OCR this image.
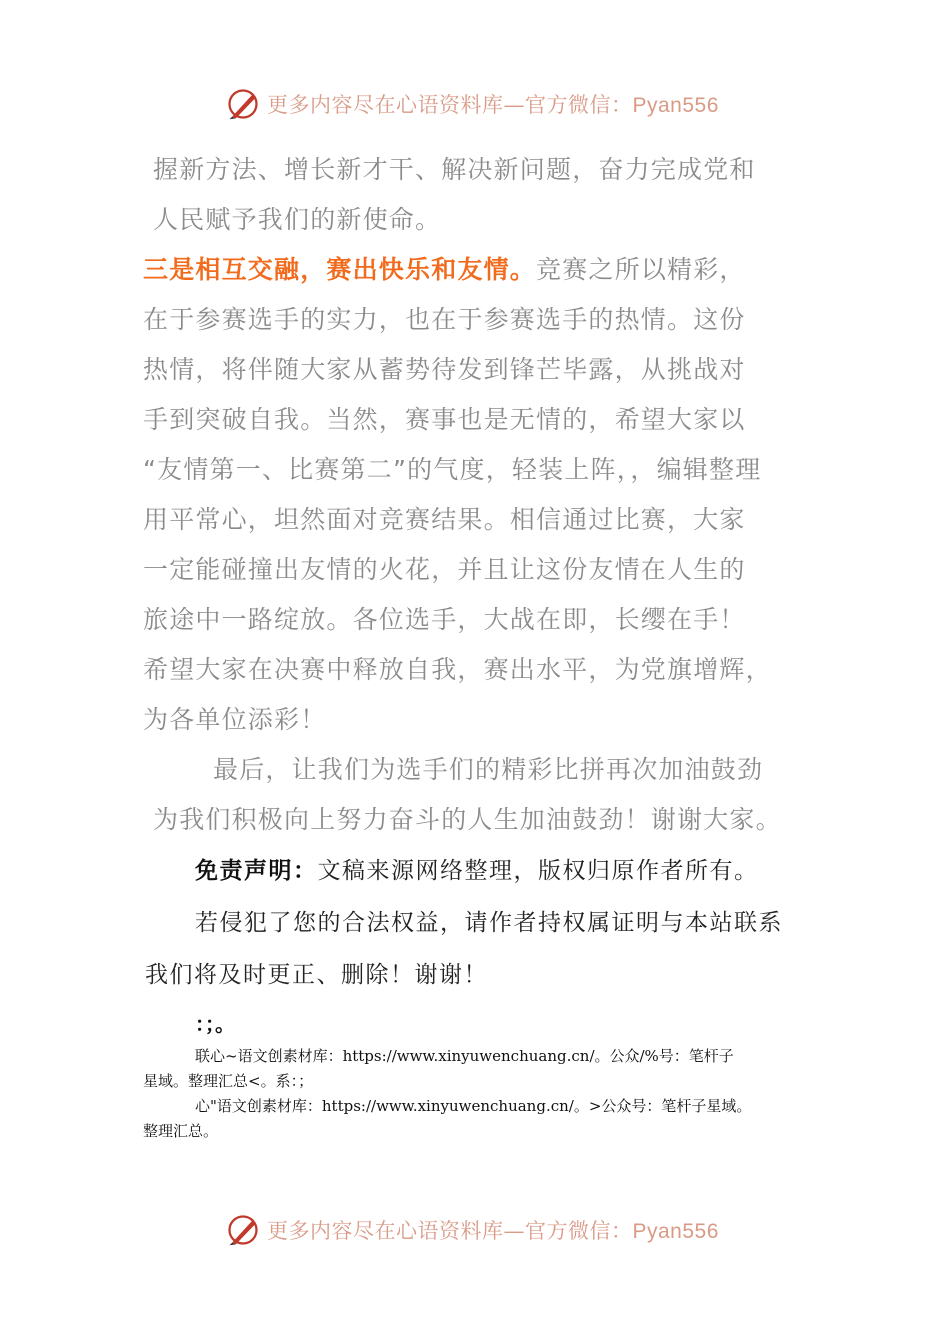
更多内容尽在心语资料库—官方微信：Pyan556
握新方法、增长新才干、解决新问题，奋力完成党和
人民赋予我们的新使命。
三是相互交融，赛出快乐和友情。竞赛之所以精彩，
在于参赛选手的实力，也在于参赛选手的热情。这份
热情，将伴随大家从蓄势待发到锋芒毕露，从挑战对
手到突破自我。当然，赛事也是无情的，希望大家以
“友情第一、比赛第二”的气度，轻装上阵，，编辑整理
用平常心，坦然面对竞赛结果。相信通过比赛，大家
一定能碰撞出友情的火花，并且让这份友情在人生的
旅途中一路绽放。各位选手，大战在即，长缨在手！
希望大家在决赛中释放自我，赛出水平，为党旗增辉，
为各单位添彩！
最后，让我们为选手们的精彩比拼再次加油鼓劲
为我们积极向上努力奋斗的人生加油鼓劲！谢谢大家。
免责声明：文稿来源网络整理，版权归原作者所有。
若侵犯了您的合法权益，请作者持权属证明与本站联系
我们将及时更正、删除！谢谢！
：；。
联心~语文创素材库：https://www.xinyuwenchuang.cn/。公众/%号：笔杆子
星域。整理汇总<。系：；
心"语文创素材库：https://www.xinyuwenchuang.cn/。>公众号：笔杆子星域。
整理汇总。
更多内容尽在心语资料库—官方微信：Pyan556
